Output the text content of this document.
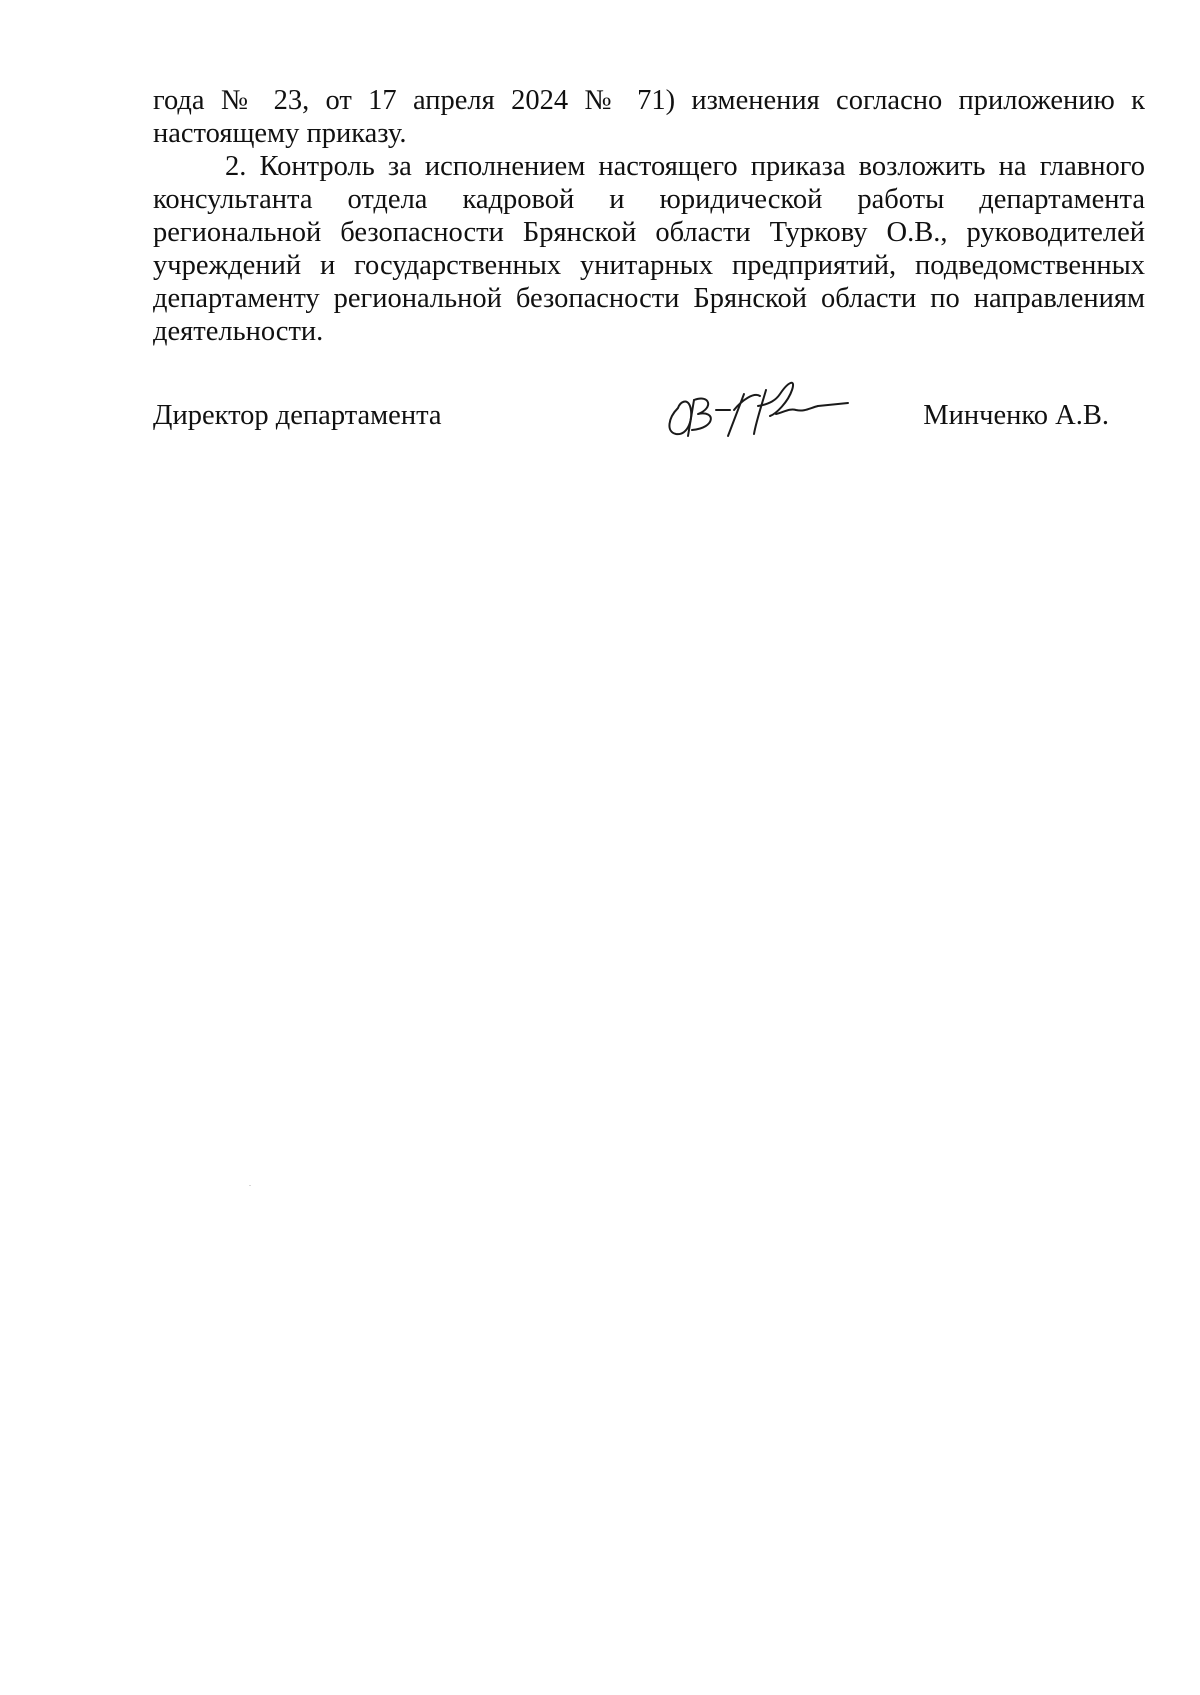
года № 23, от 17 апреля 2024 № 71) изменения согласно приложению к настоящему приказу.

2. Контроль за исполнением настоящего приказа возложить на главного консультанта отдела кадровой и юридической работы департамента региональной безопасности Брянской области Туркову О.В., руководителей учреждений и государственных унитарных предприятий, подведомственных департаменту региональной безопасности Брянской области по направлениям деятельности.

Директор департамента	Минченко А.В.
